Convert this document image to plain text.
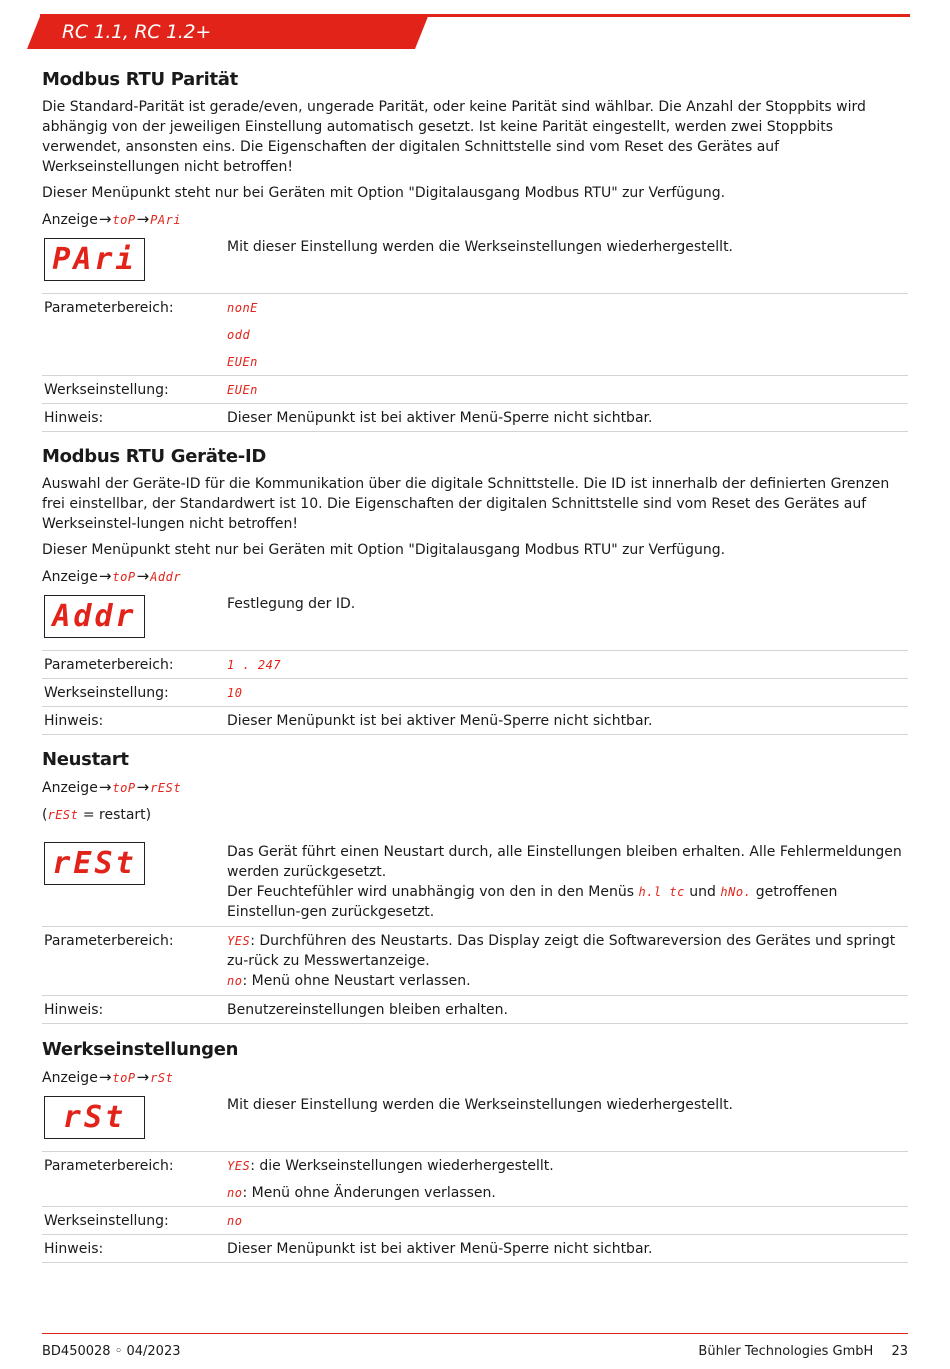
RC 1.1, RC 1.2+
Modbus RTU Parität

Die Standard-Parität ist gerade/even, ungerade Parität, oder keine Parität sind wählbar. Die Anzahl der Stoppbits wird abhängig von der jeweiligen Einstellung automatisch gesetzt. Ist keine Parität eingestellt, werden zwei Stoppbits verwendet, ansonsten eins. Die Eigenschaften der digitalen Schnittstelle sind vom Reset des Gerätes auf Werkseinstellungen nicht betroffen!

Dieser Menüpunkt steht nur bei Geräten mit Option "Digitalausgang Modbus RTU" zur Verfügung.

Anzeige→toP→PAri

PAri	Mit dieser Einstellung werden die Werkseinstellungen wiederhergestellt.
Parameterbereich:	nonE
odd
EUEn
Werkseinstellung:	EUEn
Hinweis:	Dieser Menüpunkt ist bei aktiver Menü-Sperre nicht sichtbar.
Modbus RTU Geräte-ID

Auswahl der Geräte-ID für die Kommunikation über die digitale Schnittstelle. Die ID ist innerhalb der definierten Grenzen frei einstellbar, der Standardwert ist 10. Die Eigenschaften der digitalen Schnittstelle sind vom Reset des Gerätes auf Werkseinstel-lungen nicht betroffen!

Dieser Menüpunkt steht nur bei Geräten mit Option "Digitalausgang Modbus RTU" zur Verfügung.

Anzeige→toP→Addr

Addr	Festlegung der ID.
Parameterbereich:	1 . 247
Werkseinstellung:	10
Hinweis:	Dieser Menüpunkt ist bei aktiver Menü-Sperre nicht sichtbar.
Neustart

Anzeige→toP→rESt

(rESt = restart)

rESt	Das Gerät führt einen Neustart durch, alle Einstellungen bleiben erhalten. Alle Fehlermeldungen werden zurückgesetzt.
Der Feuchtefühler wird unabhängig von den in den Menüs h.l tc und hNo. getroffenen Einstellun-gen zurückgesetzt.
Parameterbereich:	YES: Durchführen des Neustarts. Das Display zeigt die Softwareversion des Gerätes und springt zu-rück zu Messwertanzeige.
no: Menü ohne Neustart verlassen.
Hinweis:	Benutzereinstellungen bleiben erhalten.
Werkseinstellungen

Anzeige→toP→rSt

rSt	Mit dieser Einstellung werden die Werkseinstellungen wiederhergestellt.
Parameterbereich:	YES : die Werkseinstellungen wiederhergestellt.
no : Menü ohne Änderungen verlassen.
Werkseinstellung:	no
Hinweis:	Dieser Menüpunkt ist bei aktiver Menü-Sperre nicht sichtbar.
BD450028 ◦ 04/2023	Bühler Technologies GmbH 23
